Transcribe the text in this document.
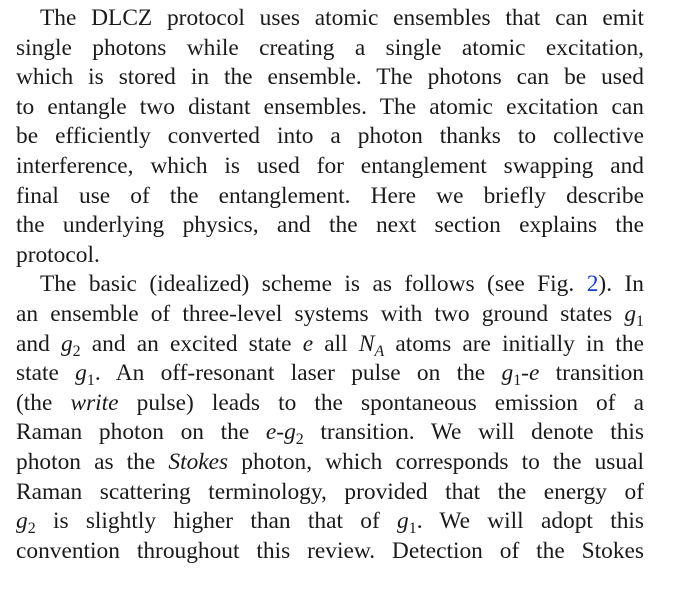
The DLCZ protocol uses atomic ensembles that can emit
single photons while creating a single atomic excitation,
which is stored in the ensemble. The photons can be used
to entangle two distant ensembles. The atomic excitation can
be efficiently converted into a photon thanks to collective
interference, which is used for entanglement swapping and
final use of the entanglement. Here we briefly describe
the underlying physics, and the next section explains the
protocol.
The basic (idealized) scheme is as follows (see Fig. 2). In
an ensemble of three-level systems with two ground states $g_1$
and $g_2$ and an excited state e all $N_A$ atoms are initially in the
state $g_1$. An off-resonant laser pulse on the $g_1-e$ transition
(the write pulse) leads to the spontaneous emission of a
Raman photon on the $e-g_2$ transition. We will denote this
photon as the Stokes photon, which corresponds to the usual
Raman scattering terminology, provided that the energy of
$g_2$ is slightly higher than that of $g_1$. We will adopt this
convention throughout this review. Detection of the Stokes
